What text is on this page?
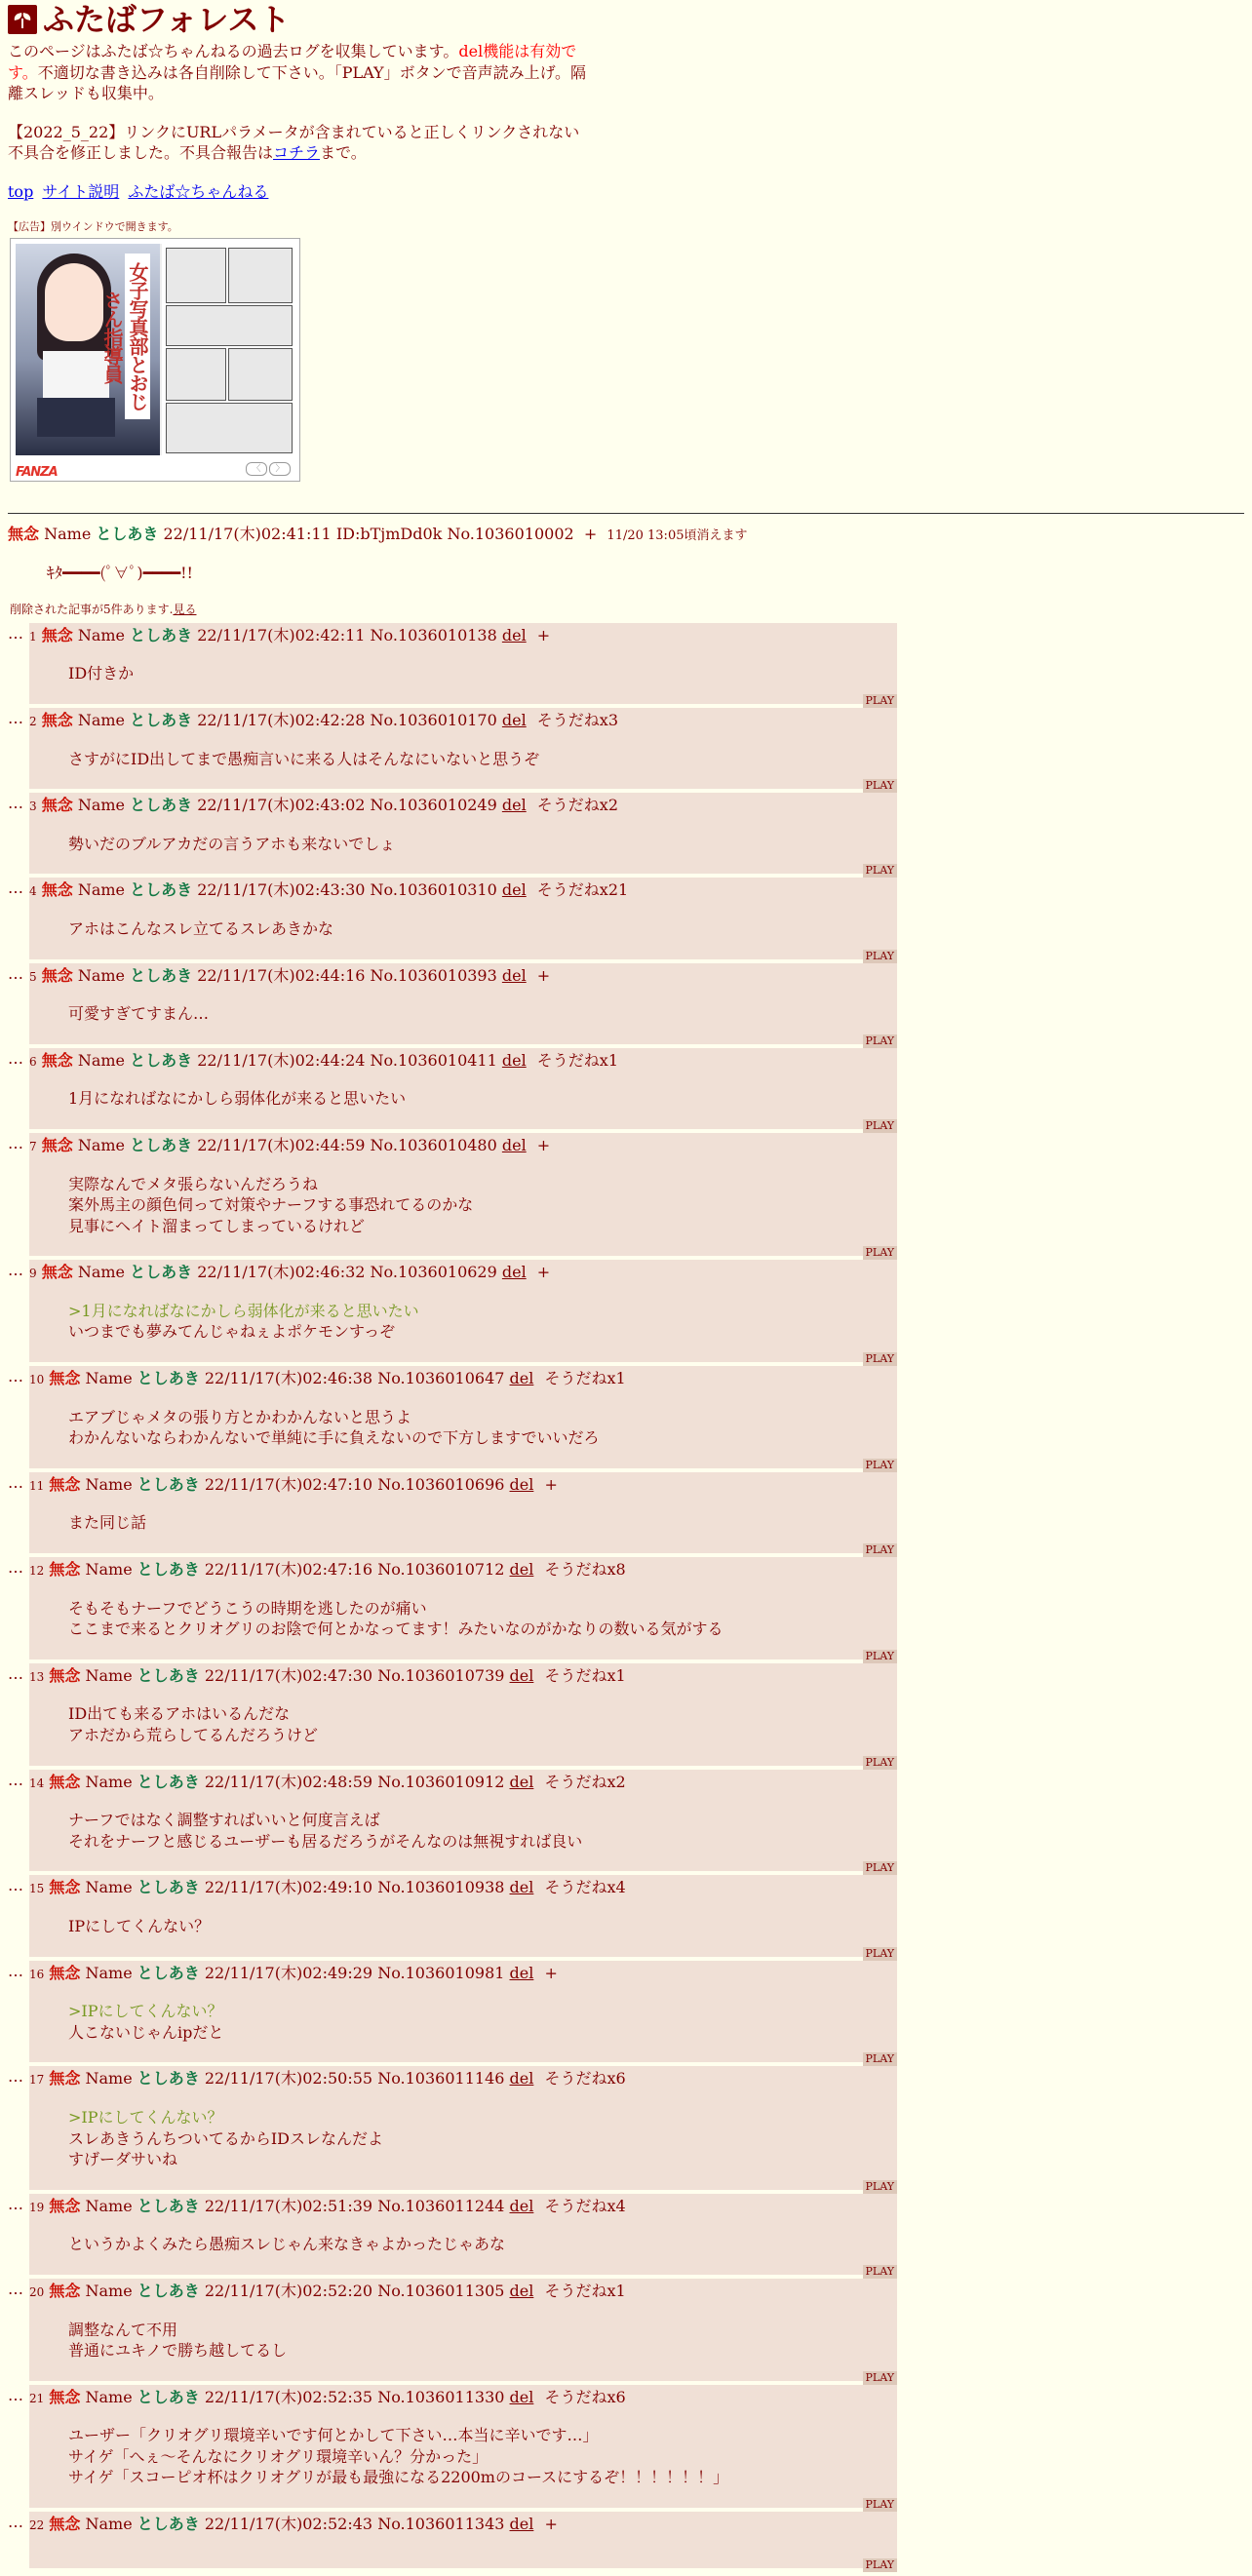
ふたばフォレスト

このページはふたば☆ちゃんねるの過去ログを収集しています。del機能は有効です。不適切な書き込みは各自削除して下さい。「PLAY」ボタンで音声読み上げ。隔離スレッドも収集中。

【2022_5_22】リンクにURLパラメータが含まれていると正しくリンクされない不具合を修正しました。不具合報告はコチラまで。

top サイト説明 ふたば☆ちゃんねる
【広告】別ウインドウで開きます。
女子写真部とおじさん指導員
FANZA	〈	〉
無念 Name としあき 22/11/17(木)02:41:11 ID:bTjmDd0k No.1036010002 + 11/20 13:05頃消えます
ｷﾀ━━━━(ﾟ∀ﾟ)━━━━!!
削除された記事が5件あります.見る
… 1 無念 Name としあき 22/11/17(木)02:42:11 No.1036010138 del +
ID付きか
PLAY
… 2 無念 Name としあき 22/11/17(木)02:42:28 No.1036010170 del そうだねx3
さすがにID出してまで愚痴言いに来る人はそんなにいないと思うぞ
PLAY
… 3 無念 Name としあき 22/11/17(木)02:43:02 No.1036010249 del そうだねx2
勢いだのブルアカだの言うアホも来ないでしょ
PLAY
… 4 無念 Name としあき 22/11/17(木)02:43:30 No.1036010310 del そうだねx21
アホはこんなスレ立てるスレあきかな
PLAY
… 5 無念 Name としあき 22/11/17(木)02:44:16 No.1036010393 del +
可愛すぎてすまん…
PLAY
… 6 無念 Name としあき 22/11/17(木)02:44:24 No.1036010411 del そうだねx1
1月になればなにかしら弱体化が来ると思いたい
PLAY
… 7 無念 Name としあき 22/11/17(木)02:44:59 No.1036010480 del +
実際なんでメタ張らないんだろうね
案外馬主の顔色伺って対策やナーフする事恐れてるのかな
見事にヘイト溜まってしまっているけれど
PLAY
… 9 無念 Name としあき 22/11/17(木)02:46:32 No.1036010629 del +
>1月になればなにかしら弱体化が来ると思いたい
いつまでも夢みてんじゃねぇよポケモンすっぞ
PLAY
… 10 無念 Name としあき 22/11/17(木)02:46:38 No.1036010647 del そうだねx1
エアブじゃメタの張り方とかわかんないと思うよ
わかんないならわかんないで単純に手に負えないので下方しますでいいだろ
PLAY
… 11 無念 Name としあき 22/11/17(木)02:47:10 No.1036010696 del +
また同じ話
PLAY
… 12 無念 Name としあき 22/11/17(木)02:47:16 No.1036010712 del そうだねx8
そもそもナーフでどうこうの時期を逃したのが痛い
ここまで来るとクリオグリのお陰で何とかなってます！みたいなのがかなりの数いる気がする
PLAY
… 13 無念 Name としあき 22/11/17(木)02:47:30 No.1036010739 del そうだねx1
ID出ても来るアホはいるんだな
アホだから荒らしてるんだろうけど
PLAY
… 14 無念 Name としあき 22/11/17(木)02:48:59 No.1036010912 del そうだねx2
ナーフではなく調整すればいいと何度言えば
それをナーフと感じるユーザーも居るだろうがそんなのは無視すれば良い
PLAY
… 15 無念 Name としあき 22/11/17(木)02:49:10 No.1036010938 del そうだねx4
IPにしてくんない？
PLAY
… 16 無念 Name としあき 22/11/17(木)02:49:29 No.1036010981 del +
>IPにしてくんない？
人こないじゃんipだと
PLAY
… 17 無念 Name としあき 22/11/17(木)02:50:55 No.1036011146 del そうだねx6
>IPにしてくんない？
スレあきうんちついてるからIDスレなんだよ
すげーダサいね
PLAY
… 19 無念 Name としあき 22/11/17(木)02:51:39 No.1036011244 del そうだねx4
というかよくみたら愚痴スレじゃん来なきゃよかったじゃあな
PLAY
… 20 無念 Name としあき 22/11/17(木)02:52:20 No.1036011305 del そうだねx1
調整なんて不用
普通にユキノで勝ち越してるし
PLAY
… 21 無念 Name としあき 22/11/17(木)02:52:35 No.1036011330 del そうだねx6
ユーザー「クリオグリ環境辛いです何とかして下さい…本当に辛いです…」
サイゲ「へぇ〜そんなにクリオグリ環境辛いん？分かった」
サイゲ「スコーピオ杯はクリオグリが最も最強になる2200mのコースにするぞ！！！！！！」
PLAY
… 22 無念 Name としあき 22/11/17(木)02:52:43 No.1036011343 del +
PLAY
